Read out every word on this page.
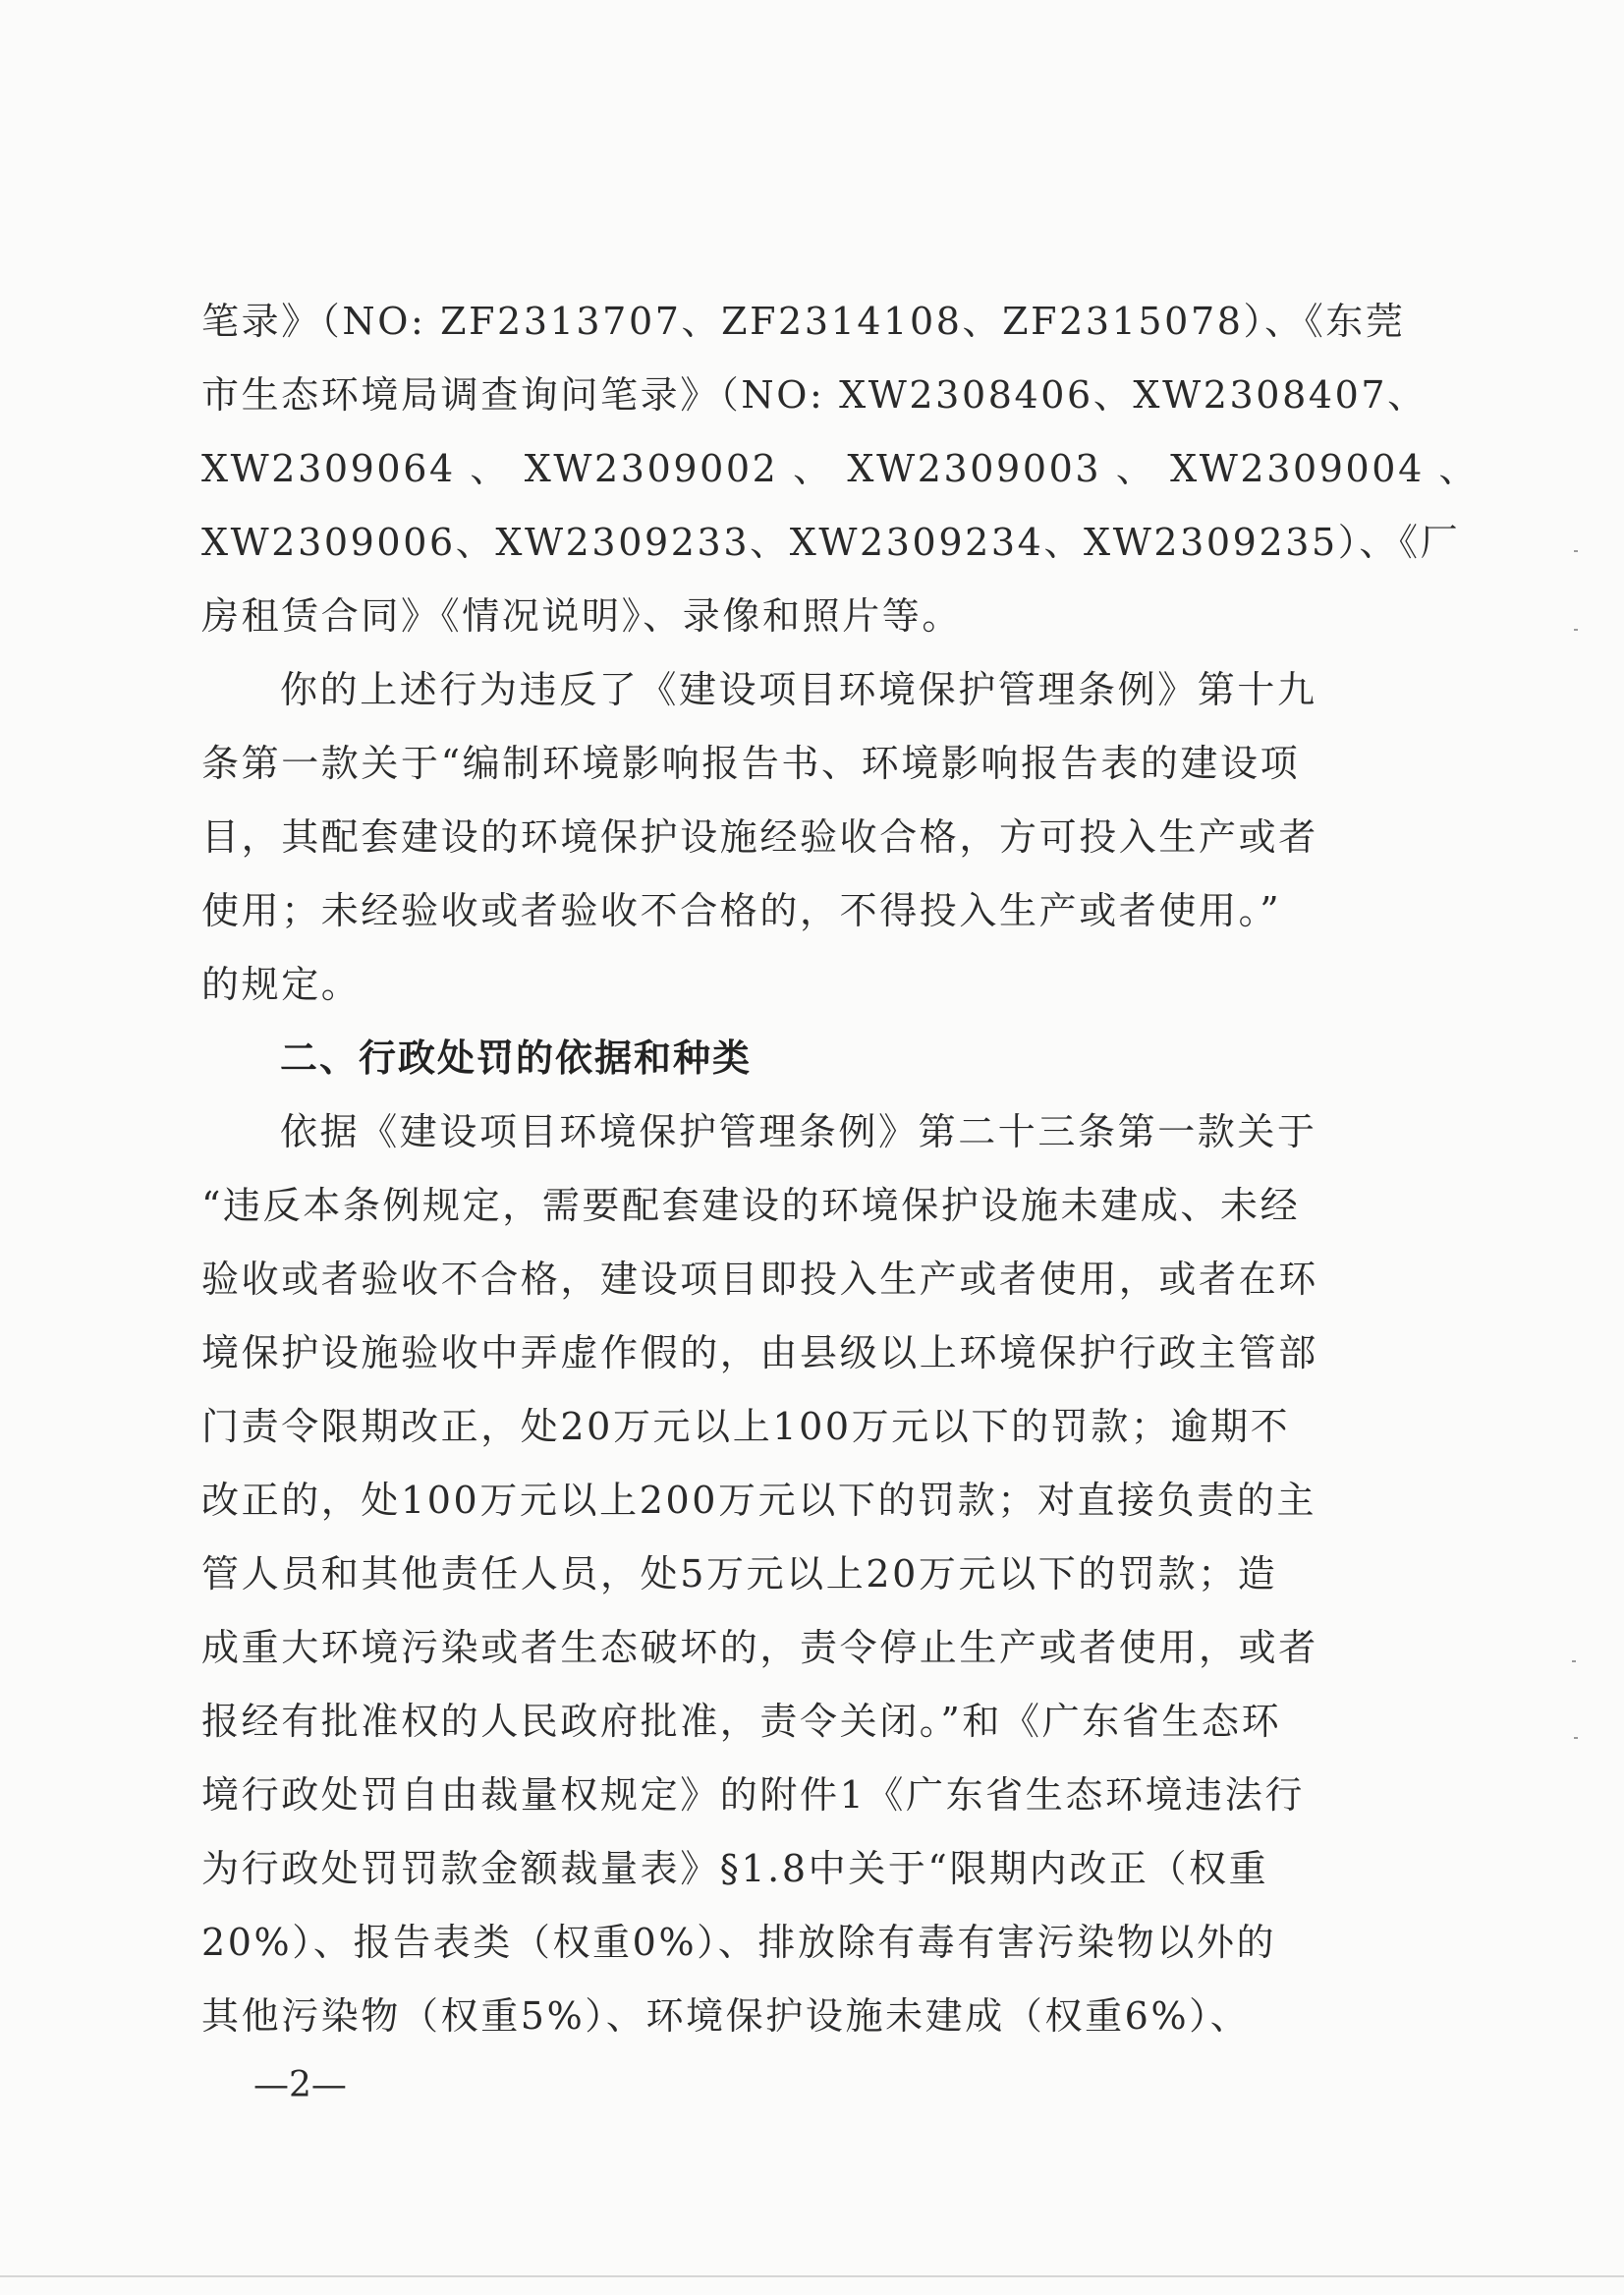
笔录》（NO: ZF2313707、ZF2314108、ZF2315078）、《东莞
市生态环境局调查询问笔录》（NO: XW2308406、XW2308407、
XW2309064 、 XW2309002 、 XW2309003 、 XW2309004 、
XW2309006、XW2309233、XW2309234、XW2309235）、《厂
房租赁合同》《情况说明》、录像和照片等。
你的上述行为违反了《建设项目环境保护管理条例》第十九
条第一款关于“编制环境影响报告书、环境影响报告表的建设项
目，其配套建设的环境保护设施经验收合格，方可投入生产或者
使用；未经验收或者验收不合格的，不得投入生产或者使用。”
的规定。
二、行政处罚的依据和种类
依据《建设项目环境保护管理条例》第二十三条第一款关于
“违反本条例规定，需要配套建设的环境保护设施未建成、未经
验收或者验收不合格，建设项目即投入生产或者使用，或者在环
境保护设施验收中弄虚作假的，由县级以上环境保护行政主管部
门责令限期改正，处20万元以上100万元以下的罚款；逾期不
改正的，处100万元以上200万元以下的罚款；对直接负责的主
管人员和其他责任人员，处5万元以上20万元以下的罚款；造
成重大环境污染或者生态破坏的，责令停止生产或者使用，或者
报经有批准权的人民政府批准，责令关闭。”和《广东省生态环
境行政处罚自由裁量权规定》的附件1《广东省生态环境违法行
为行政处罚罚款金额裁量表》§1.8中关于“限期内改正（权重
20%）、报告表类（权重0%）、排放除有毒有害污染物以外的
其他污染物（权重5%）、环境保护设施未建成（权重6%）、
—2—
